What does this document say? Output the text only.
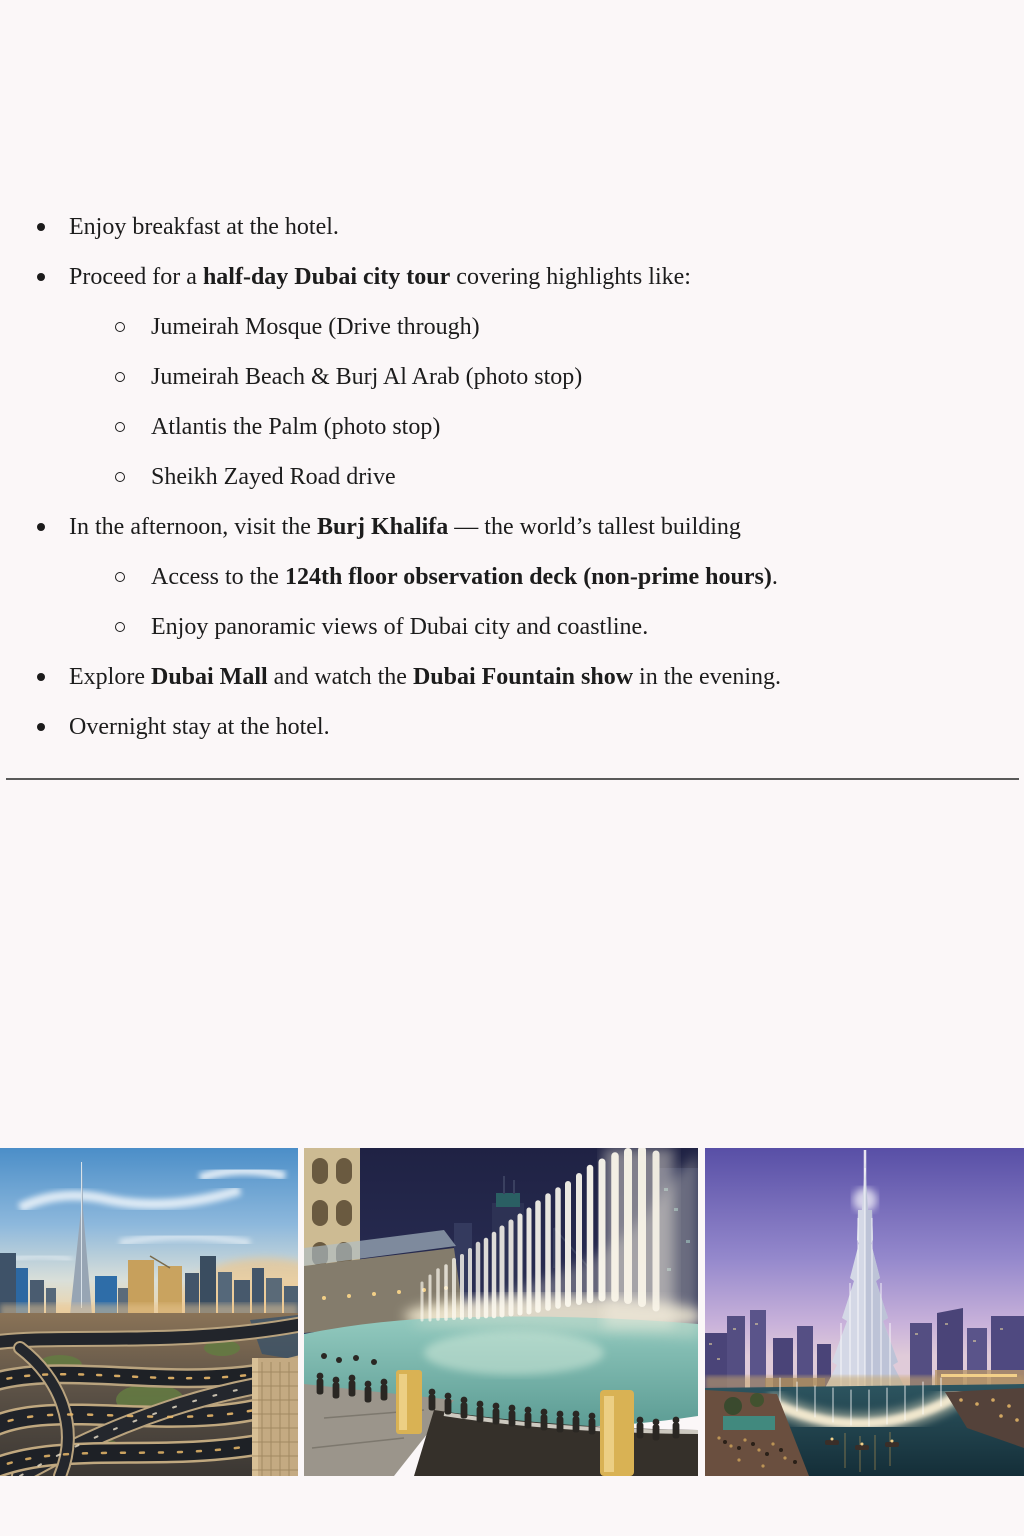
Enjoy breakfast at the hotel.
Proceed for a half-day Dubai city tour covering highlights like:
Jumeirah Mosque (Drive through)
Jumeirah Beach & Burj Al Arab (photo stop)
Atlantis the Palm (photo stop)
Sheikh Zayed Road drive
In the afternoon, visit the Burj Khalifa — the world’s tallest building
Access to the 124th floor observation deck (non-prime hours).
Enjoy panoramic views of Dubai city and coastline.
Explore Dubai Mall and watch the Dubai Fountain show in the evening.
Overnight stay at the hotel.
